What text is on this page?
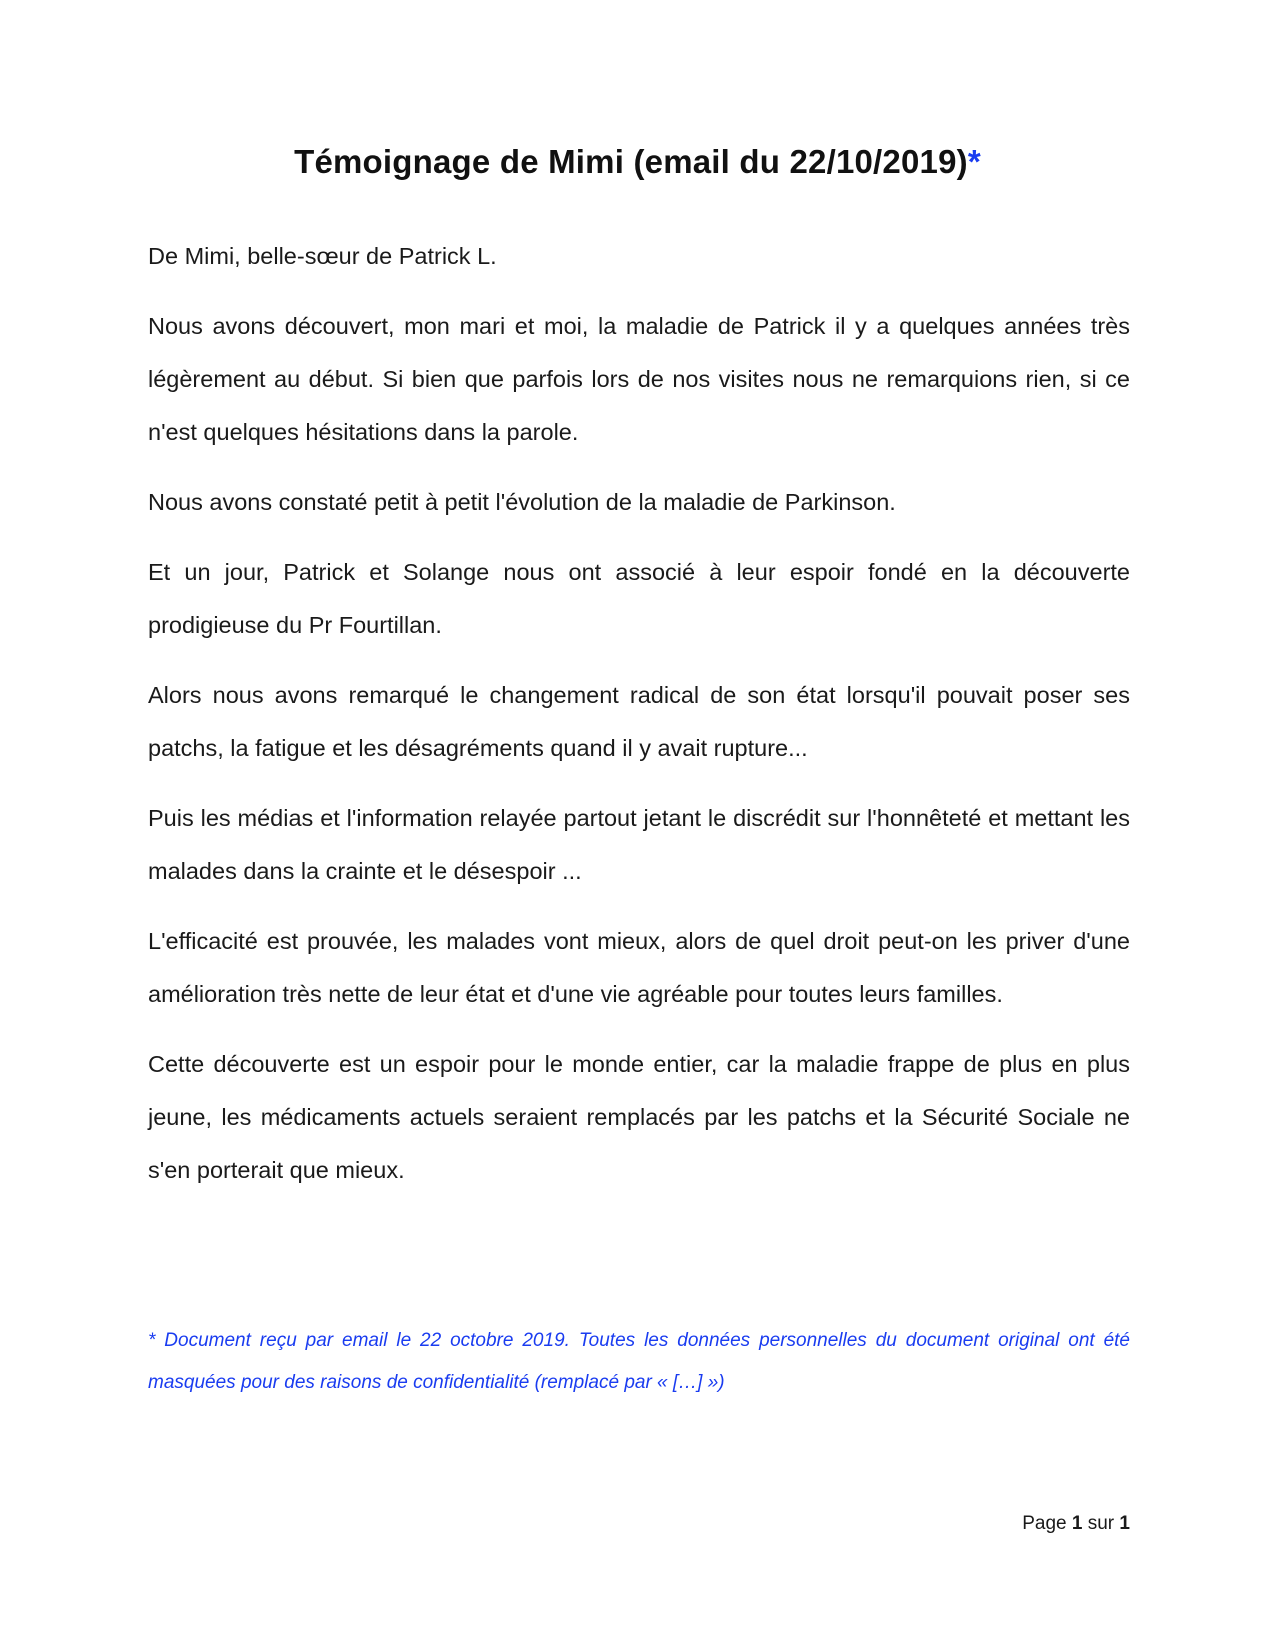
Témoignage de Mimi (email du 22/10/2019)*

De Mimi, belle-sœur de Patrick L.

Nous avons découvert, mon mari et moi, la maladie de Patrick il y a quelques années très légèrement au début. Si bien que parfois lors de nos visites nous ne remarquions rien, si ce n'est quelques hésitations dans la parole.

Nous avons constaté petit à petit l'évolution de la maladie de Parkinson.

Et un jour, Patrick et Solange nous ont associé à leur espoir fondé en la découverte prodigieuse du Pr Fourtillan.

Alors nous avons remarqué le changement radical de son état lorsqu'il pouvait poser ses patchs, la fatigue et les désagréments quand il y avait rupture...

Puis les médias et l'information relayée partout jetant le discrédit sur l'honnêteté et mettant les malades dans la crainte et le désespoir ...

L'efficacité est prouvée, les malades vont mieux, alors de quel droit peut-on les priver d'une amélioration très nette de leur état et d'une vie agréable pour toutes leurs familles.

Cette découverte est un espoir pour le monde entier, car la maladie frappe de plus en plus jeune, les médicaments actuels seraient remplacés par les patchs et la Sécurité Sociale ne s'en porterait que mieux.

* Document reçu par email le 22 octobre 2019. Toutes les données personnelles du document original ont été masquées pour des raisons de confidentialité (remplacé par « […] »)
Page 1 sur 1
